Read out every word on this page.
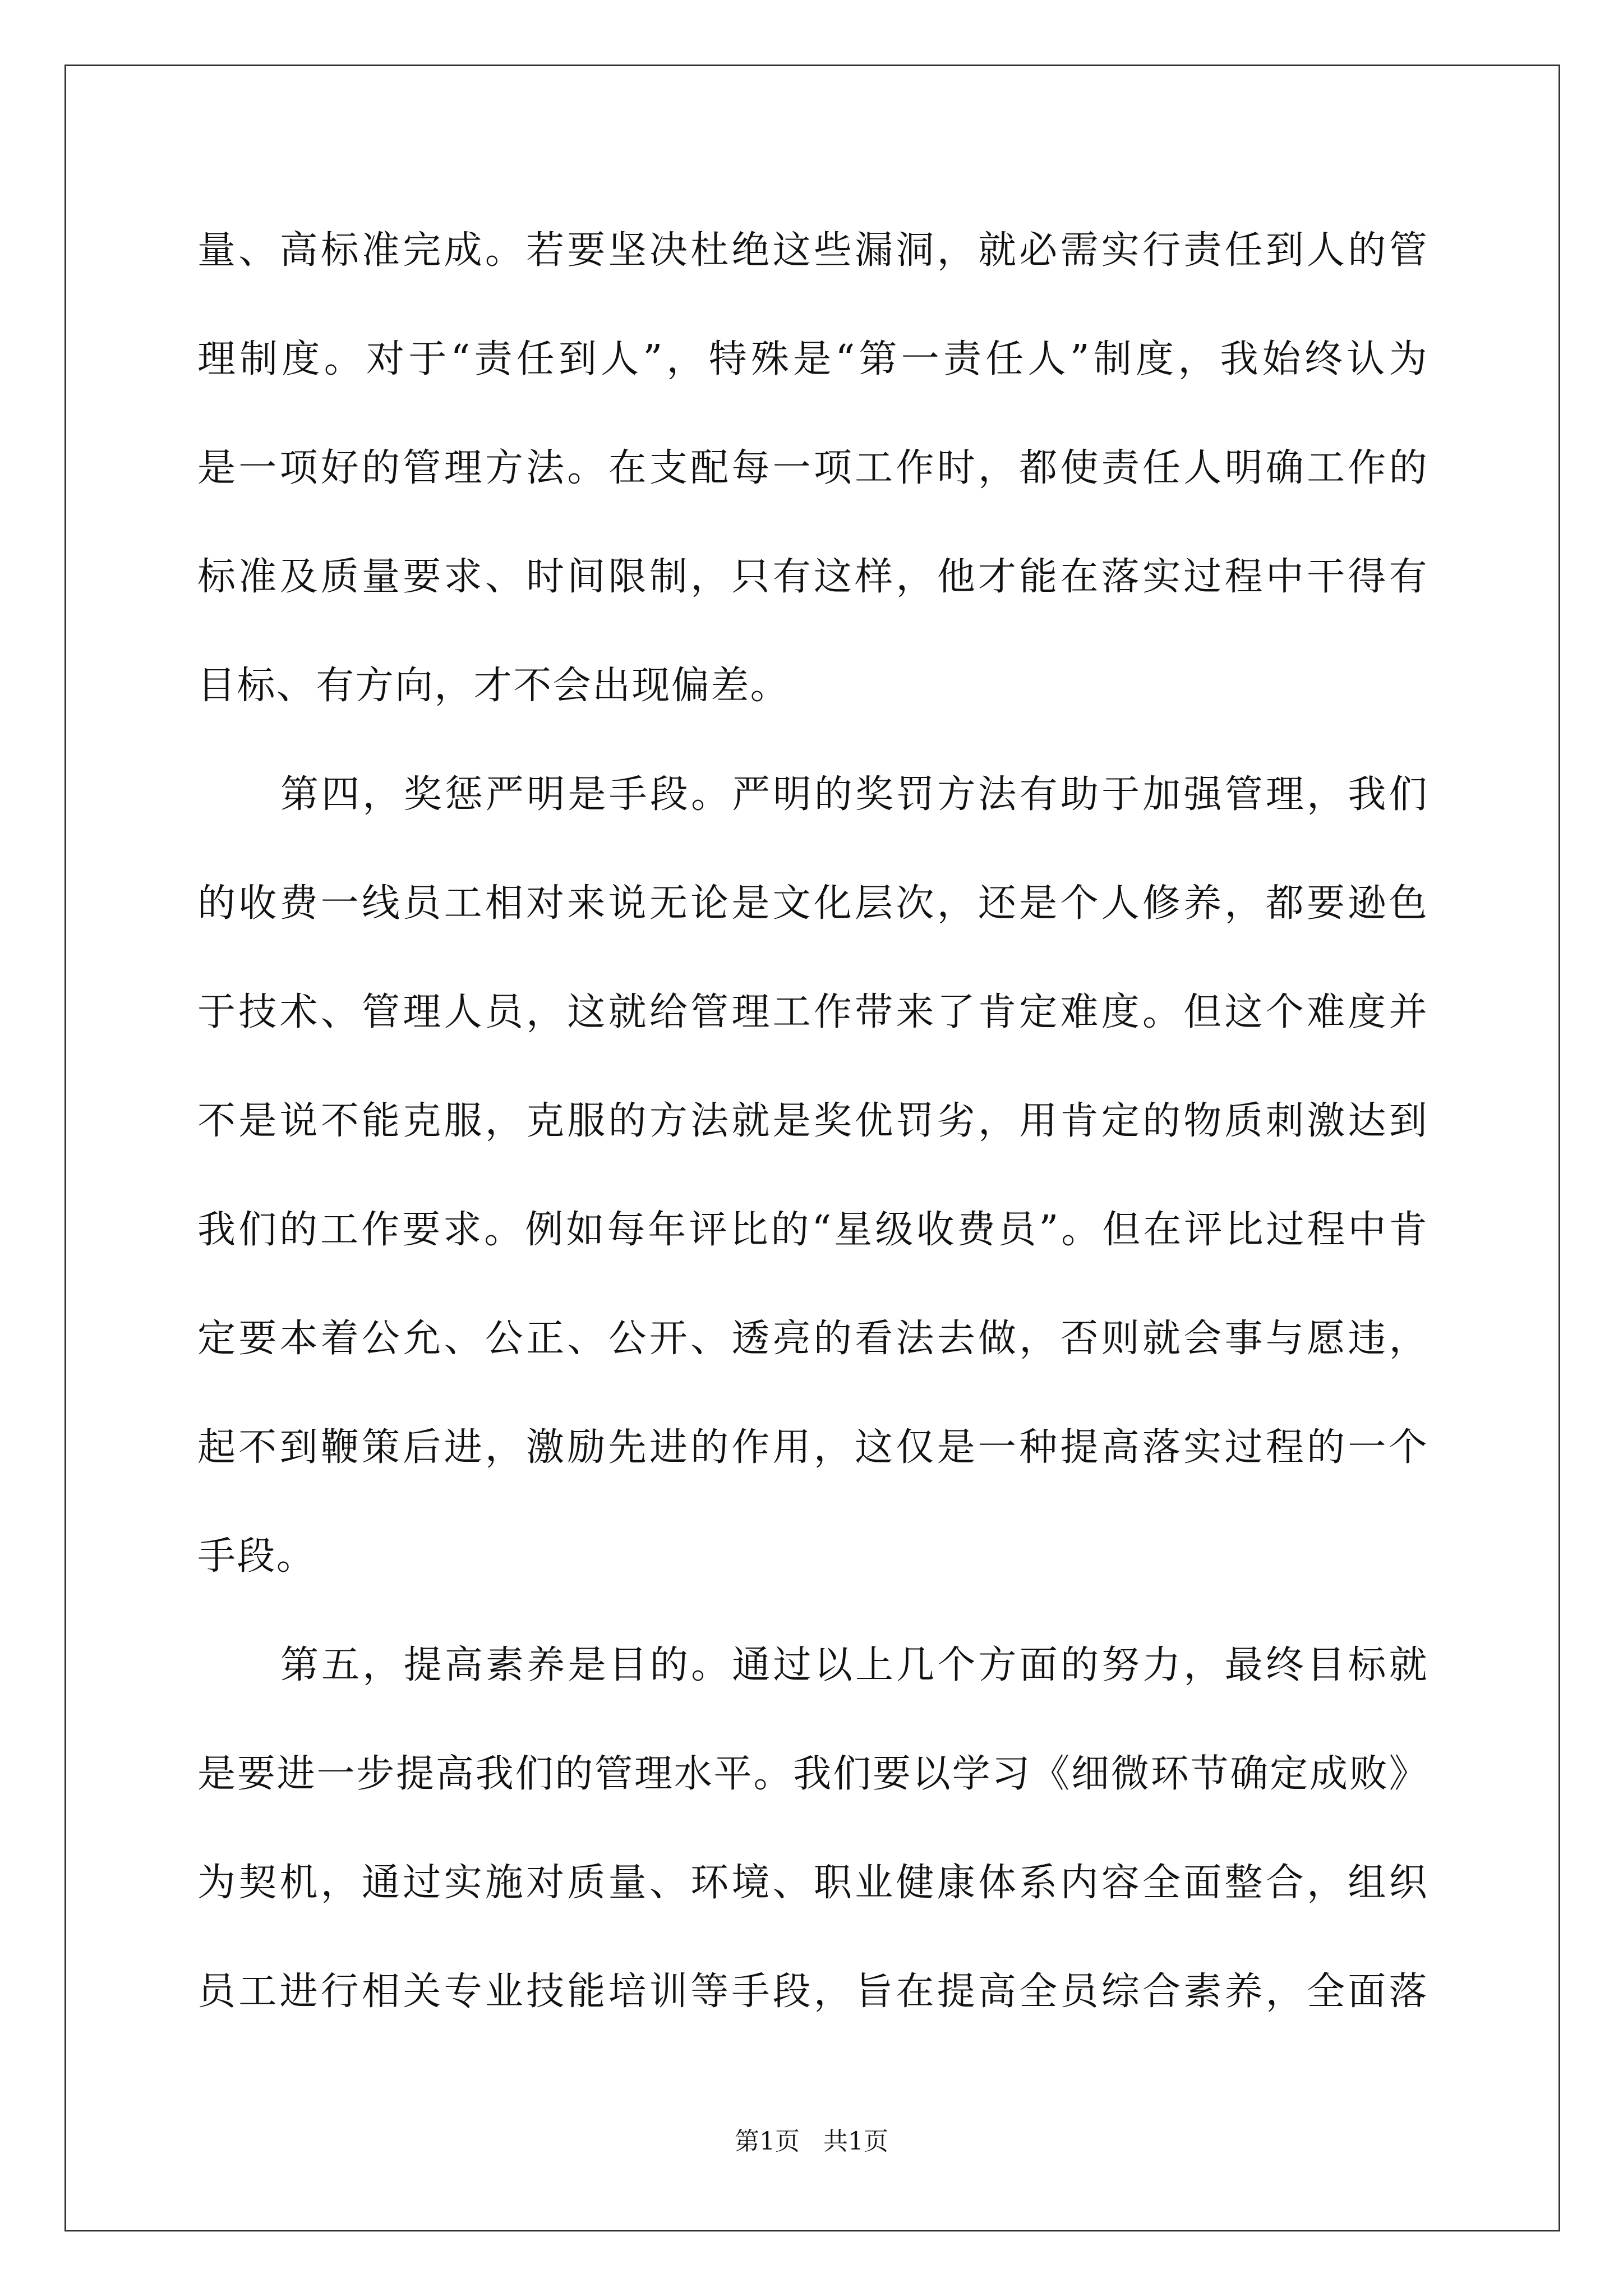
量、高标准完成。若要坚决杜绝这些漏洞，就必需实行责任到人的管
理制度。对于“责任到人”，特殊是“第一责任人”制度，我始终认为
是一项好的管理方法。在支配每一项工作时，都使责任人明确工作的
标准及质量要求、时间限制，只有这样，他才能在落实过程中干得有
目标、有方向，才不会出现偏差。
第四，奖惩严明是手段。严明的奖罚方法有助于加强管理，我们
的收费一线员工相对来说无论是文化层次，还是个人修养，都要逊色
于技术、管理人员，这就给管理工作带来了肯定难度。但这个难度并
不是说不能克服，克服的方法就是奖优罚劣，用肯定的物质刺激达到
我们的工作要求。例如每年评比的“星级收费员”。但在评比过程中肯
定要本着公允、公正、公开、透亮的看法去做，否则就会事与愿违，
起不到鞭策后进，激励先进的作用，这仅是一种提高落实过程的一个
手段。
第五，提高素养是目的。通过以上几个方面的努力，最终目标就
是要进一步提高我们的管理水平。我们要以学习《细微环节确定成败》
为契机，通过实施对质量、环境、职业健康体系内容全面整合，组织
员工进行相关专业技能培训等手段，旨在提高全员综合素养，全面落
第1页   共1页
